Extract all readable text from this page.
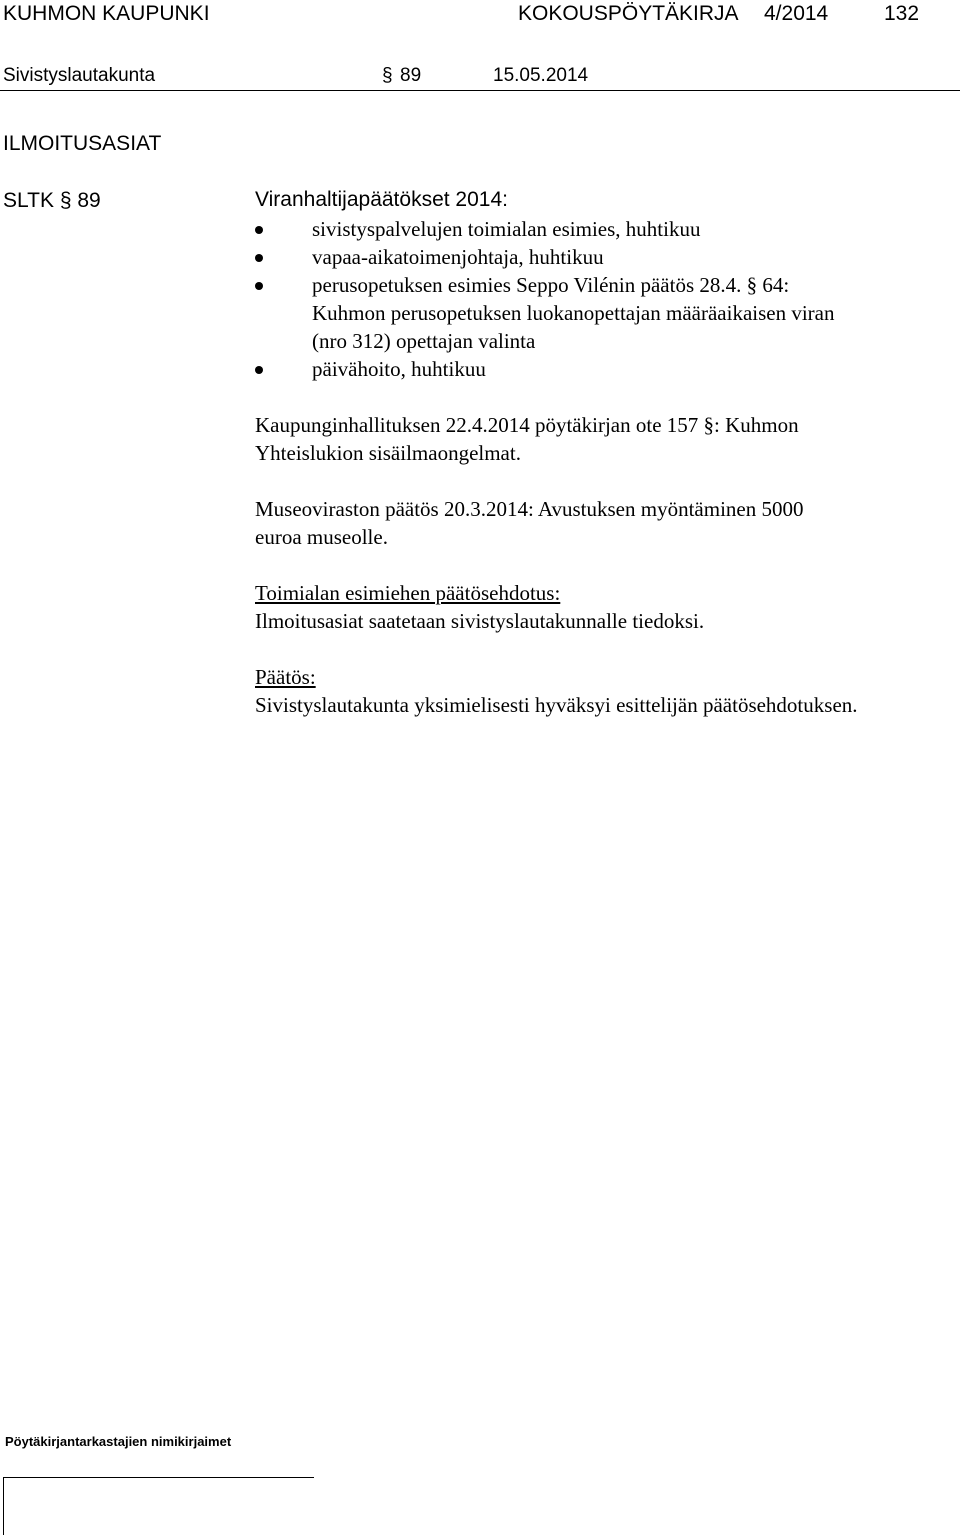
KUHMON KAUPUNKI	KOKOUSPÖYTÄKIRJA 4/2014	132
Sivistyslautakunta	§ 89	15.05.2014
ILMOITUSASIAT
SLTK § 89	Viranhaltijapäätökset 2014:
sivistyspalvelujen toimialan esimies, huhtikuu
vapaa-aikatoimenjohtaja, huhtikuu
perusopetuksen esimies Seppo Vilénin päätös 28.4. § 64:
Kuhmon perusopetuksen luokanopettajan määräaikaisen viran
(nro 312) opettajan valinta
päivähoito, huhtikuu
Kaupunginhallituksen 22.4.2014 pöytäkirjan ote 157 §: Kuhmon
Yhteislukion sisäilmaongelmat.
Museoviraston päätös 20.3.2014: Avustuksen myöntäminen 5000
euroa museolle.
Toimialan esimiehen päätösehdotus:
Ilmoitusasiat saatetaan sivistyslautakunnalle tiedoksi.
Päätös:
Sivistyslautakunta yksimielisesti hyväksyi esittelijän päätösehdotuksen.
Pöytäkirjantarkastajien nimikirjaimet
